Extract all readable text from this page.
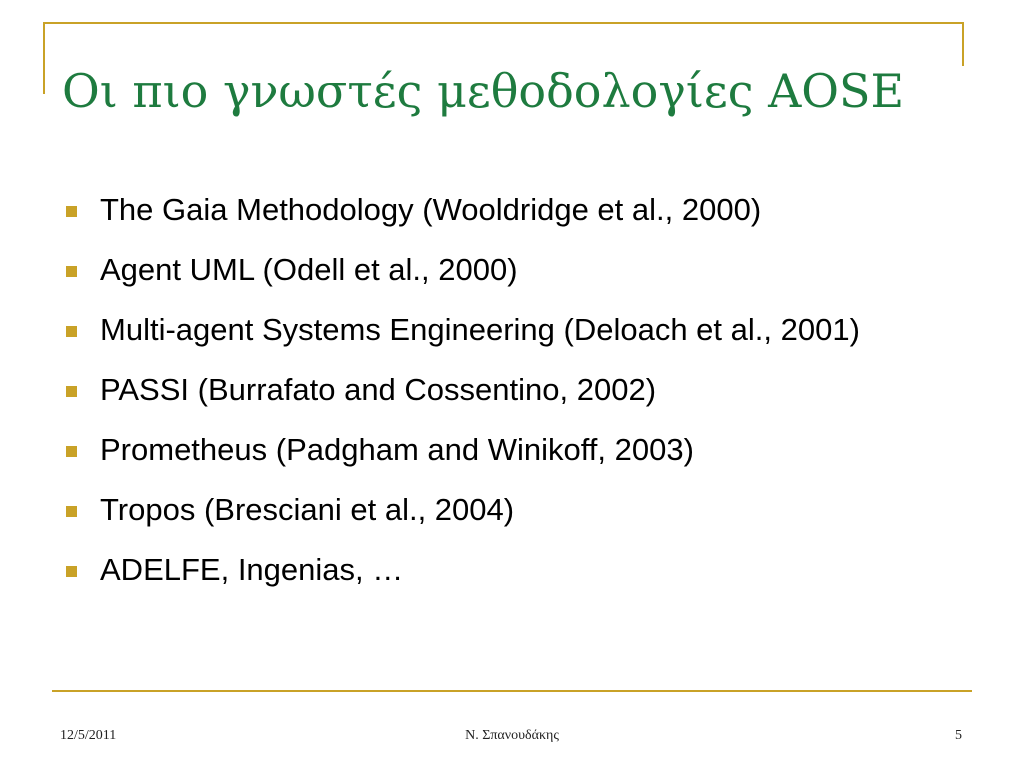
Οι πιο γνωστές μεθοδολογίες AOSE
The Gaia Methodology (Wooldridge et al., 2000)
Agent UML (Odell et al., 2000)
Multi-agent Systems Engineering (Deloach et al., 2001)
PASSI (Burrafato and Cossentino, 2002)
Prometheus (Padgham and Winikoff, 2003)
Tropos (Bresciani et al., 2004)
ADELFE, Ingenias, …
12/5/2011	Ν. Σπανουδάκης	5
